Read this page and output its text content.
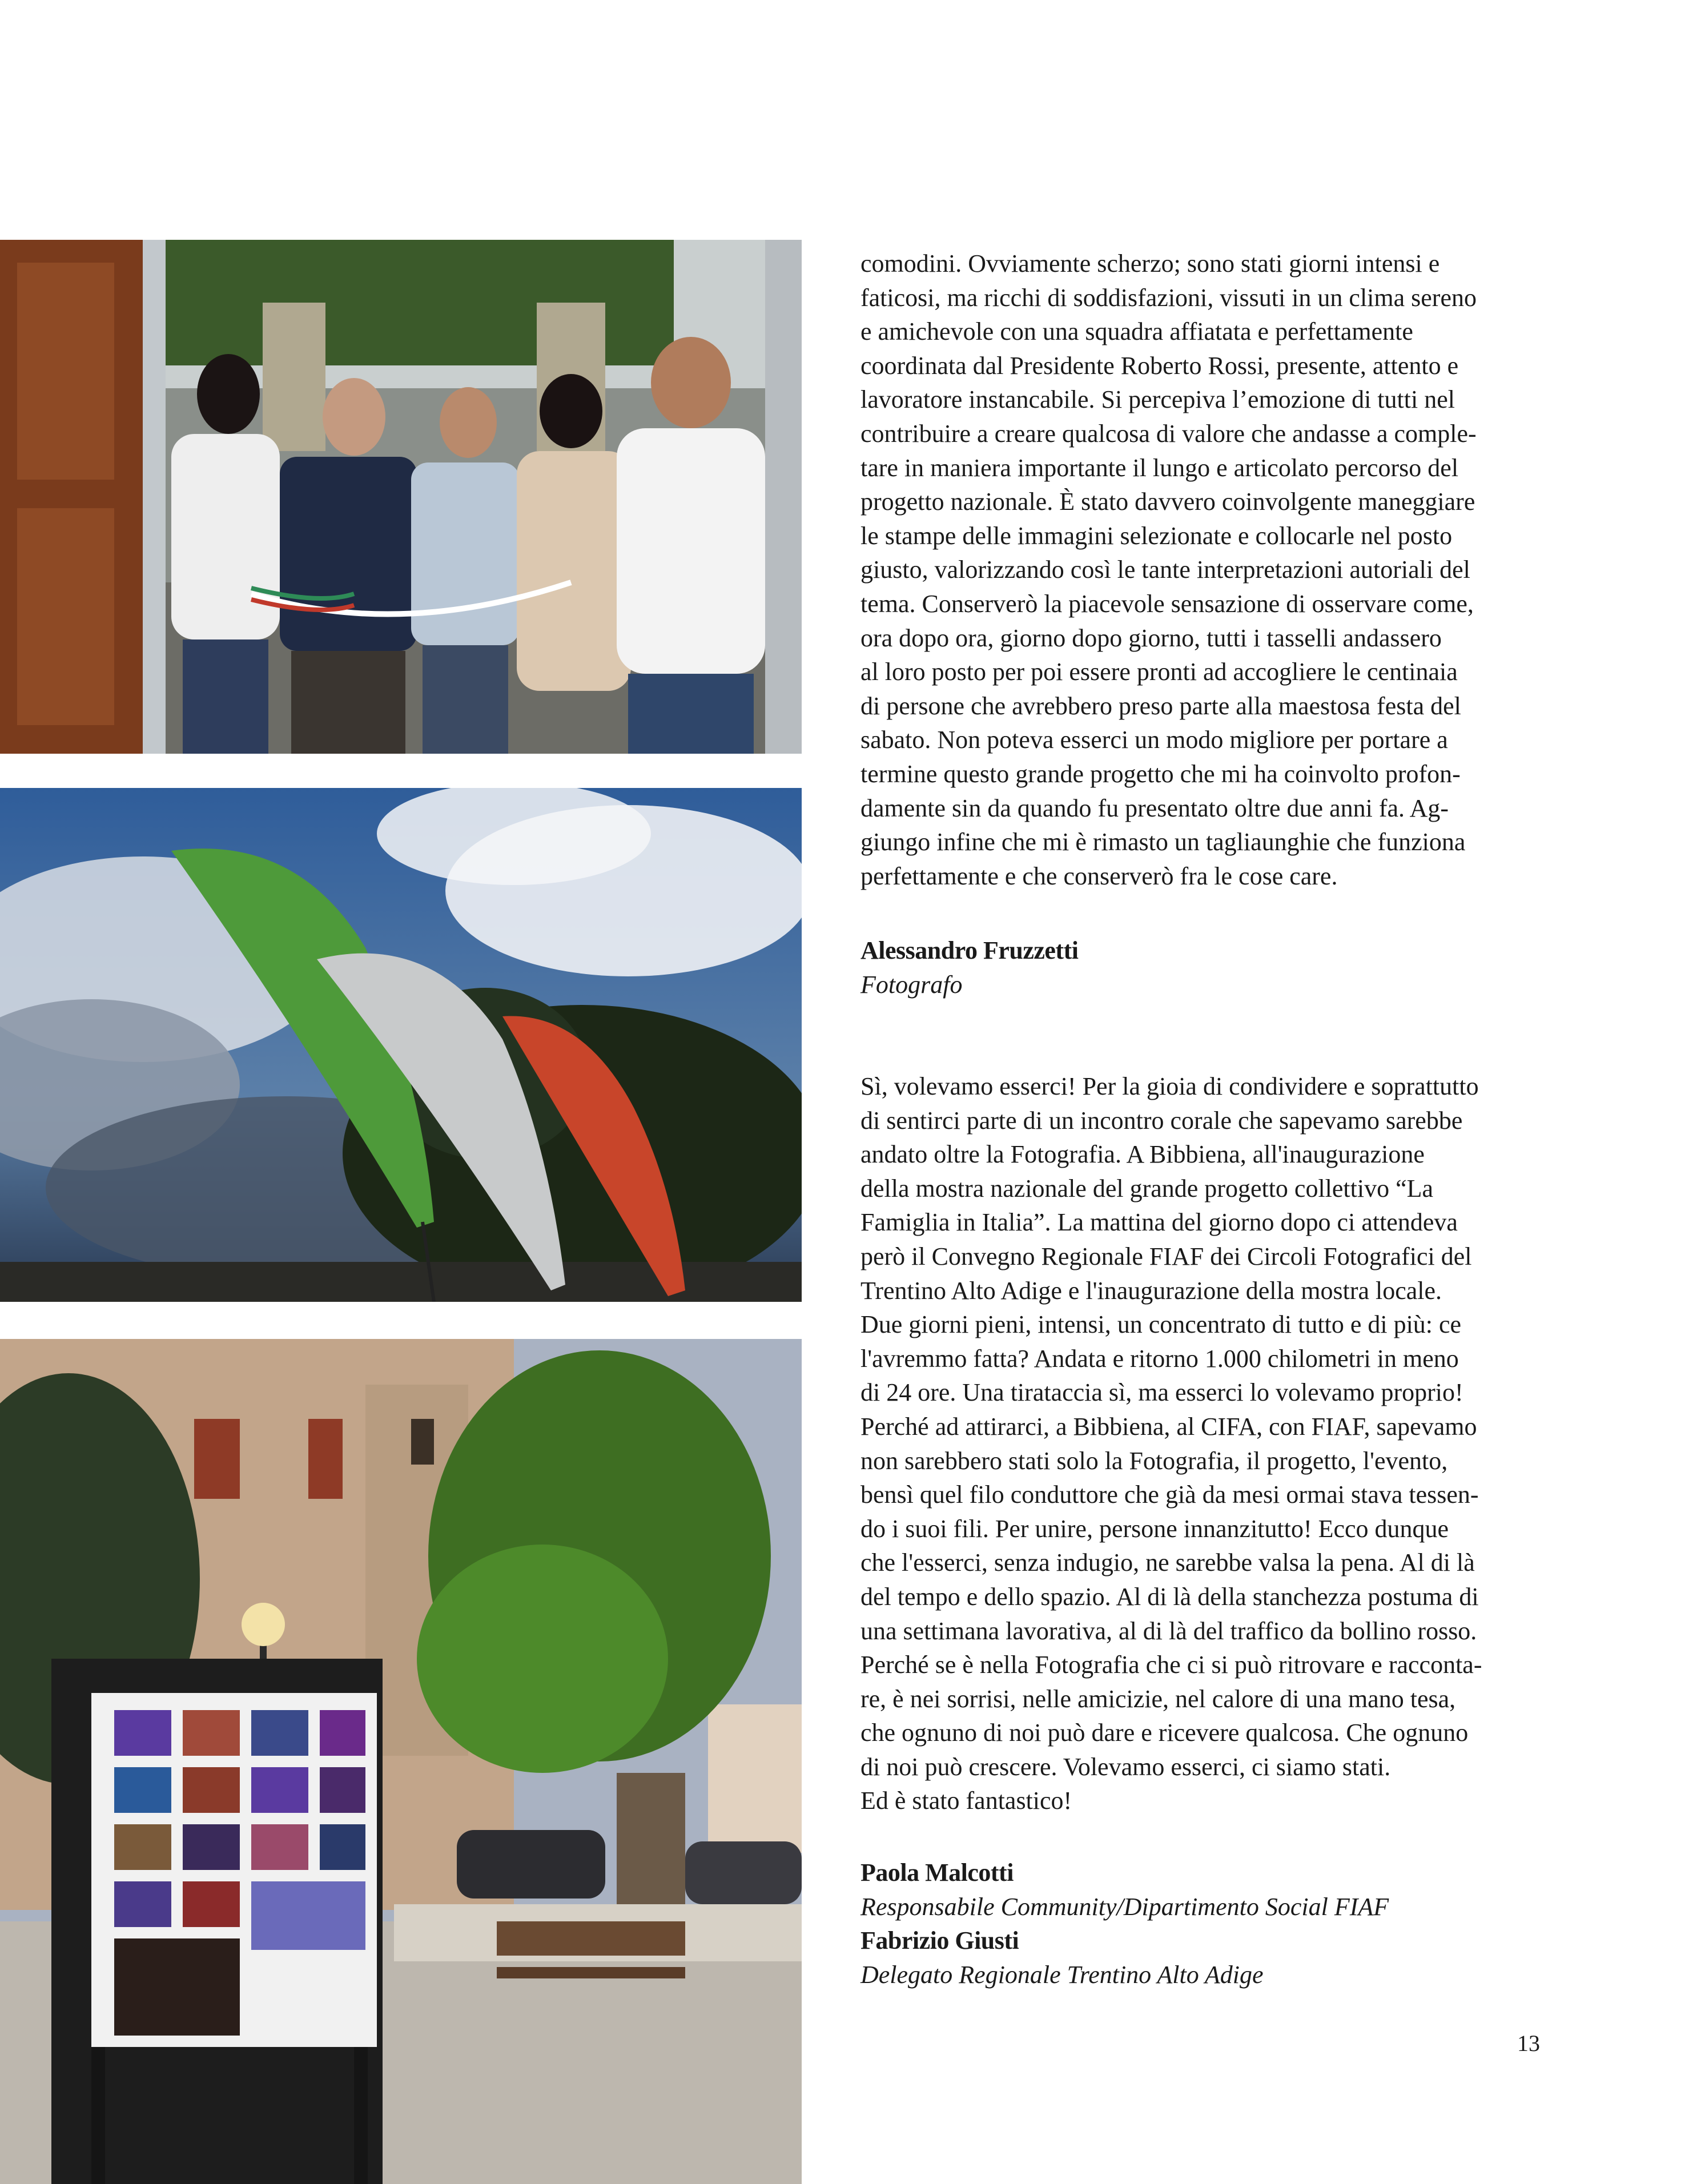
comodini. Ovviamente scherzo; sono stati giorni intensi e

faticosi, ma ricchi di soddisfazioni, vissuti in un clima sereno

e amichevole con una squadra affiatata e perfettamente

coordinata dal Presidente Roberto Rossi, presente, attento e

lavoratore instancabile. Si percepiva l’emozione di tutti nel

contribuire a creare qualcosa di valore che andasse a comple-

tare in maniera importante il lungo e articolato percorso del

progetto nazionale. È stato davvero coinvolgente maneggiare

le stampe delle immagini selezionate e collocarle nel posto

giusto, valorizzando così le tante interpretazioni autoriali del

tema. Conserverò la piacevole sensazione di osservare come,

ora dopo ora, giorno dopo giorno, tutti i tasselli andassero

al loro posto per poi essere pronti ad accogliere le centinaia

di persone che avrebbero preso parte alla maestosa festa del

sabato. Non poteva esserci un modo migliore per portare a

termine questo grande progetto che mi ha coinvolto profon-

damente sin da quando fu presentato oltre due anni fa. Ag-

giungo infine che mi è rimasto un tagliaunghie che funziona

perfettamente e che conserverò fra le cose care.

Alessandro Fruzzetti

Fotografo

Sì, volevamo esserci! Per la gioia di condividere e soprattutto

di sentirci parte di un incontro corale che sapevamo sarebbe

andato oltre la Fotografia. A Bibbiena, all'inaugurazione

della mostra nazionale del grande progetto collettivo “La

Famiglia in Italia”. La mattina del giorno dopo ci attendeva

però il Convegno Regionale FIAF dei Circoli Fotografici del

Trentino Alto Adige e l'inaugurazione della mostra locale.

Due giorni pieni, intensi, un concentrato di tutto e di più: ce

l'avremmo fatta? Andata e ritorno 1.000 chilometri in meno

di 24 ore. Una tirataccia sì, ma esserci lo volevamo proprio!

Perché ad attirarci, a Bibbiena, al CIFA, con FIAF, sapevamo

non sarebbero stati solo la Fotografia, il progetto, l'evento,

bensì quel filo conduttore che già da mesi ormai stava tessen-

do i suoi fili. Per unire, persone innanzitutto! Ecco dunque

che l'esserci, senza indugio, ne sarebbe valsa la pena. Al di là

del tempo e dello spazio. Al di là della stanchezza postuma di

una settimana lavorativa, al di là del traffico da bollino rosso.

Perché se è nella Fotografia che ci si può ritrovare e racconta-

re, è nei sorrisi, nelle amicizie, nel calore di una mano tesa,

che ognuno di noi può dare e ricevere qualcosa. Che ognuno

di noi può crescere. Volevamo esserci, ci siamo stati.

Ed è stato fantastico!

Paola Malcotti

Responsabile Community/Dipartimento Social FIAF

Fabrizio Giusti

Delegato Regionale Trentino Alto Adige

13
